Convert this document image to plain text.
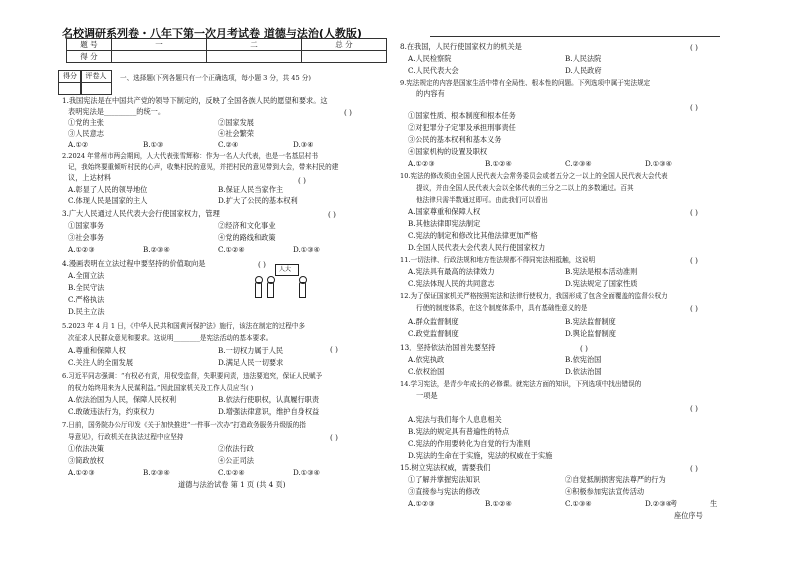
名校调研系列卷・八年下第一次月考试卷 道德与法治(人教版)
题 号	一	二	总 分
得 分			
得分	评卷人	一、选择题(下列各题只有一个正确选项，每小题 3 分，共 45 分)
1.我国宪法是在中国共产党的领导下制定的，反映了全国各族人民的愿望和要求。这
表明宪法是_________的统一。	( )
①党的主张	②国家发展
③人民意志	④社会繁荣
A.①②	B.①③	C.②④	D.③④
2.2024 年常州市两会期间，人大代表张雪辉称：作为一名人大代表，也是一名基层村书
记，我始终要重倾听村民的心声，收集村民的意见，并把村民的意见带到大会，带来村民的建
议，上达材料	( )
A.彰显了人民的领导地位	B.保证人民当家作主
C.体现人民是国家的主人	D.扩大了公民的基本权利
3.广大人民通过人民代表大会行使国家权力，管理	( )
①国家事务	②经济和文化事业
③社会事务	④党的路线和政策
A.①②③	B.②③④	C.①②④	D.①③④
4.漫画表明在立法过程中要坚持的价值取向是	( )
A.全面立法
B.全民守法
C.严格执法
D.民主立法
人大
5.2023 年 4 月 1 日，《中华人民共和国黄河保护法》施行，该法在制定的过程中多
次征求人民群众意见和要求。这说明________是宪法活动的基本要求。
( )
A.尊重和保障人权	B.一切权力属于人民
C.关注人的全面发展	D.满足人民一切要求
6.习近平同志强调：“有权必有责，用权受监督，失职要问责，违法要追究，保证人民赋予
的权力始终用来为人民谋利益。”因此国家机关及工作人员应当( )
A.依法治国为人民，保障人民权利	B.依法行使职权，认真履行职责
C.敢破违法行为，约束权力	D.增强法律意识，维护自身权益
7.日前，国务院办公厅印发《关于加快推进“一件事一次办”打造政务服务升级版的指
导意见》，行政机关在执法过程中应坚持	( )
①依法决策	②依法行政
③简政放权	④公正司法
A.①②③	B.②③④	C.①②④	D.①③④
道德与法治试卷 第 1 页 (共 4 页)
8.在我国，人民行使国家权力的机关是	( )
A.人民检察院	B.人民法院
C.人民代表大会	D.人民政府
9.宪法规定的内容是国家生活中带有全局性、根本性的问题。下列选项中属于宪法规定
的内容有
( )
①国家性质、根本制度和根本任务
②对犯罪分子定罪及承担刑事责任
③公民的基本权利和基本义务
④国家机构的设置及职权
A.①②③	B.①②④	C.②③④	D.①③④
10.宪法的修改须由全国人民代表大会常务委员会或者五分之一以上的全国人民代表大会代表
提议，并由全国人民代表大会以全体代表的三分之二以上的多数通过。百其
他法律只需半数通过即可。由此我们可以看出
( )
A.国家尊重和保障人权
B.其他法律即宪法制定
C.宪法的制定和修改比其他法律更加严格
D.全国人民代表大会代表人民行使国家权力
11.一切法律、行政法规和地方性法规都不得同宪法相抵触，这说明	( )
A.宪法具有最高的法律效力	B.宪法是根本活动准则
C.宪法体现人民的共同意志	D.宪法规定了国家性质
12.为了保证国家机关严格按照宪法和法律行使权力，我国形成了包含全面覆盖的监督公权力
行使的制度体系，在这个制度体系中，具有基础性意义的是	( )
A.群众监督制度	B.宪法监督制度
C.政党监督制度	D.舆论监督制度
13．坚持依法治国首先要坚持	( )
A.依宪执政	B.依宪治国
C.依权治国	D.依法治国
14.学习宪法，是青少年成长的必修课。就宪法方面的知识，下列选项中找出错误的
一项是
( )
A.宪法与我们每个人息息相关
B.宪法的规定具有普遍性的特点
C.宪法的作用要转化为自觉的行为准则
D.宪法的生命在于实施，宪法的权威在于实施
15.树立宪法权威，需要我们	( )
①了解并掌握宪法知识	②自觉抵制损害宪法尊严的行为
③直接参与宪法的修改	④积极参加宪法宣传活动
A.①②③	B.①②④	C.①③④	D.②③④
考	生
座位序号
